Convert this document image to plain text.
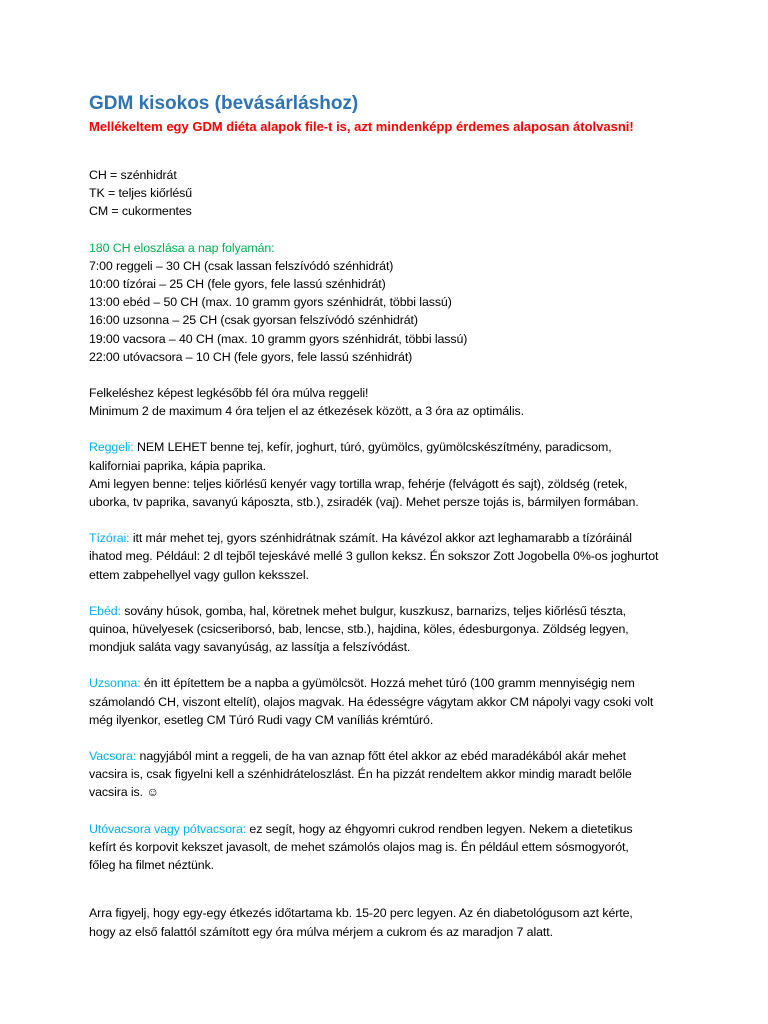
GDM kisokos (bevásárláshoz)

Mellékeltem egy GDM diéta alapok file-t is, azt mindenképp érdemes alaposan átolvasni!

CH = szénhidrát

TK = teljes kiőrlésű

CM = cukormentes

180 CH eloszlása a nap folyamán:

7:00 reggeli – 30 CH (csak lassan felszívódó szénhidrát)

10:00 tízórai – 25 CH (fele gyors, fele lassú szénhidrát)

13:00 ebéd – 50 CH (max. 10 gramm gyors szénhidrát, többi lassú)

16:00 uzsonna – 25 CH (csak gyorsan felszívódó szénhidrát)

19:00 vacsora – 40 CH (max. 10 gramm gyors szénhidrát, többi lassú)

22:00 utóvacsora – 10 CH (fele gyors, fele lassú szénhidrát)

Felkeléshez képest legkésőbb fél óra múlva reggeli!

Minimum 2 de maximum 4 óra teljen el az étkezések között, a 3 óra az optimális.

Reggeli: NEM LEHET benne tej, kefír, joghurt, túró, gyümölcs, gyümölcskészítmény, paradicsom,

kaliforniai paprika, kápia paprika.

Ami legyen benne: teljes kiőrlésű kenyér vagy tortilla wrap, fehérje (felvágott és sajt), zöldség (retek,

uborka, tv paprika, savanyú káposzta, stb.), zsiradék (vaj). Mehet persze tojás is, bármilyen formában.

Tízórai: itt már mehet tej, gyors szénhidrátnak számít. Ha kávézol akkor azt leghamarabb a tízóráinál

ihatod meg. Például: 2 dl tejből tejeskávé mellé 3 gullon keksz. Én sokszor Zott Jogobella 0%-os joghurtot

ettem zabpehellyel vagy gullon keksszel.

Ebéd: sovány húsok, gomba, hal, köretnek mehet bulgur, kuszkusz, barnarizs, teljes kiőrlésű tészta,

quinoa, hüvelyesek (csicseriborsó, bab, lencse, stb.), hajdina, köles, édesburgonya. Zöldség legyen,

mondjuk saláta vagy savanyúság, az lassítja a felszívódást.

Uzsonna: én itt építettem be a napba a gyümölcsöt. Hozzá mehet túró (100 gramm mennyiségig nem

számolandó CH, viszont eltelít), olajos magvak. Ha édességre vágytam akkor CM nápolyi vagy csoki volt

még ilyenkor, esetleg CM Túró Rudi vagy CM vaníliás krémtúró.

Vacsora: nagyjából mint a reggeli, de ha van aznap főtt étel akkor az ebéd maradékából akár mehet

vacsira is, csak figyelni kell a szénhidráteloszlást. Én ha pizzát rendeltem akkor mindig maradt belőle

vacsira is. ☺

Utóvacsora vagy pótvacsora: ez segít, hogy az éhgyomri cukrod rendben legyen. Nekem a dietetikus

kefírt és korpovit kekszet javasolt, de mehet számolós olajos mag is. Én például ettem sósmogyorót,

főleg ha filmet néztünk.

Arra figyelj, hogy egy-egy étkezés időtartama kb. 15-20 perc legyen. Az én diabetológusom azt kérte,

hogy az első falattól számított egy óra múlva mérjem a cukrom és az maradjon 7 alatt.
